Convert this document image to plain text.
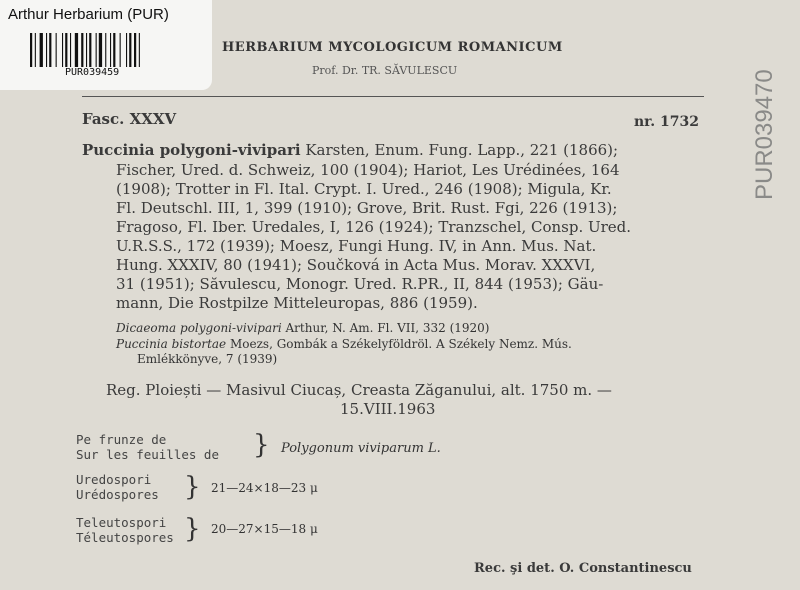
Arthur Herbarium (PUR)
PUR039459
HERBARIUM MYCOLOGICUM ROMANICUM
Prof. Dr. TR. SĂVULESCU
Fasc. XXXV	nr. 1732
Puccinia polygoni-vivipari Karsten, Enum. Fung. Lapp., 221 (1866);
Fischer, Ured. d. Schweiz, 100 (1904); Hariot, Les Urédinées, 164
(1908); Trotter in Fl. Ital. Crypt. I. Ured., 246 (1908); Migula, Kr.
Fl. Deutschl. III, 1, 399 (1910); Grove, Brit. Rust. Fgi, 226 (1913);
Fragoso, Fl. Iber. Uredales, I, 126 (1924); Tranzschel, Consp. Ured.
U.R.S.S., 172 (1939); Moesz, Fungi Hung. IV, in Ann. Mus. Nat.
Hung. XXXIV, 80 (1941); Součková in Acta Mus. Morav. XXXVI,
31 (1951); Săvulescu, Monogr. Ured. R.PR., II, 844 (1953); Gäu-
mann, Die Rostpilze Mitteleuropas, 886 (1959).
Dicaeoma polygoni-vivipari Arthur, N. Am. Fl. VII, 332 (1920)
Puccinia bistortae Moezs, Gombák a Székelyföldröl. A Székely Nemz. Mús.
Emlékkönyve, 7 (1939)
Reg. Ploiești — Masivul Ciucaș, Creasta Zăganului, alt. 1750 m. —
15.VIII.1963
Pe frunze de
Sur les feuilles de } Polygonum viviparum L.
Uredospori
Urédospores } 21—24×18—23 μ
Teleutospori
Téleutospores } 20—27×15—18 μ
Rec. şi det. O. Constantinescu
PUR039470
